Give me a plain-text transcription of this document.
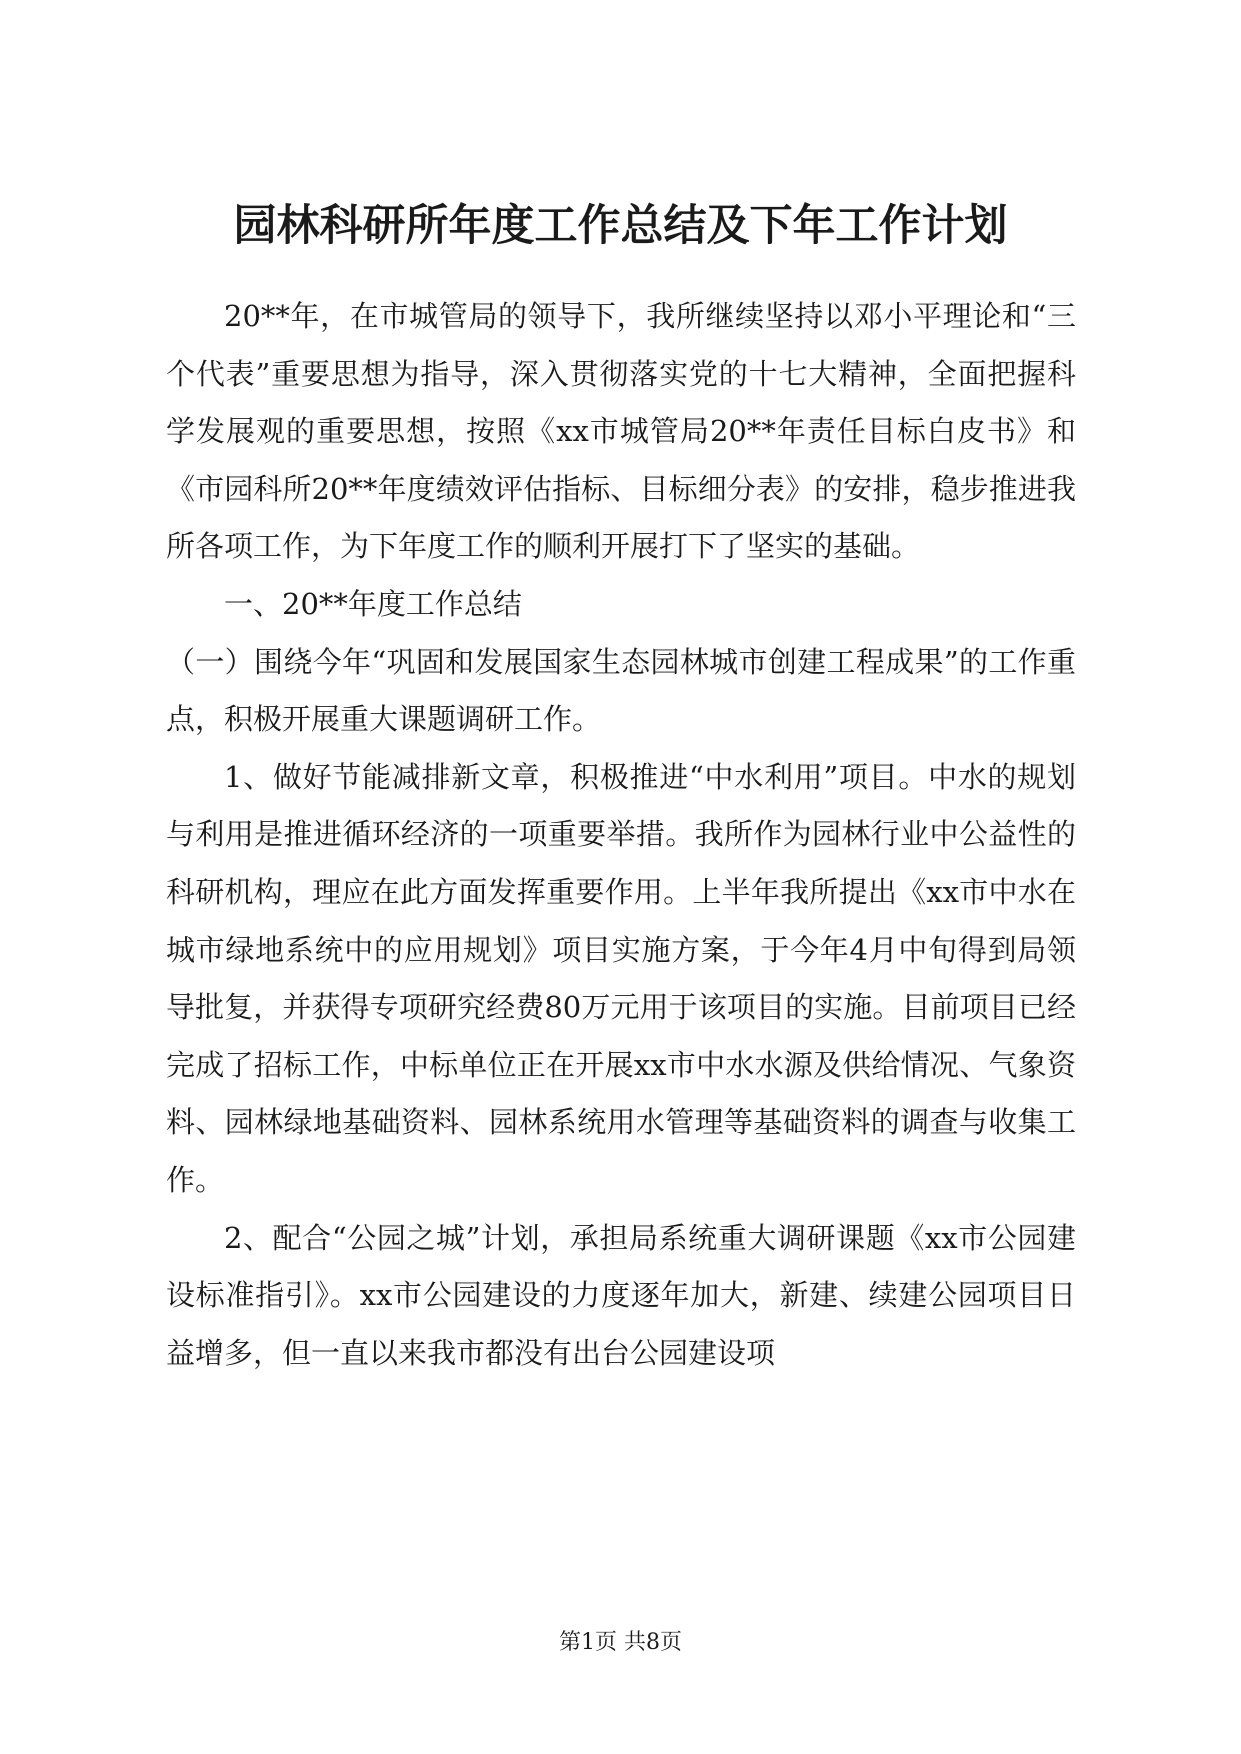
园林科研所年度工作总结及下年工作计划

20**年，在市城管局的领导下，我所继续坚持以邓小平理论和“三个代表”重要思想为指导，深入贯彻落实党的十七大精神，全面把握科学发展观的重要思想，按照《xx市城管局20**年责任目标白皮书》和《市园科所20**年度绩效评估指标、目标细分表》的安排，稳步推进我所各项工作，为下年度工作的顺利开展打下了坚实的基础。

一、20**年度工作总结

（一）围绕今年“巩固和发展国家生态园林城市创建工程成果”的工作重点，积极开展重大课题调研工作。

1、做好节能减排新文章，积极推进“中水利用”项目。中水的规划与利用是推进循环经济的一项重要举措。我所作为园林行业中公益性的科研机构，理应在此方面发挥重要作用。上半年我所提出《xx市中水在城市绿地系统中的应用规划》项目实施方案，于今年4月中旬得到局领导批复，并获得专项研究经费80万元用于该项目的实施。目前项目已经完成了招标工作，中标单位正在开展xx市中水水源及供给情况、气象资料、园林绿地基础资料、园林系统用水管理等基础资料的调查与收集工作。

2、配合“公园之城”计划，承担局系统重大调研课题《xx市公园建设标准指引》。xx市公园建设的力度逐年加大，新建、续建公园项目日益增多，但一直以来我市都没有出台公园建设项

第1页 共8页
